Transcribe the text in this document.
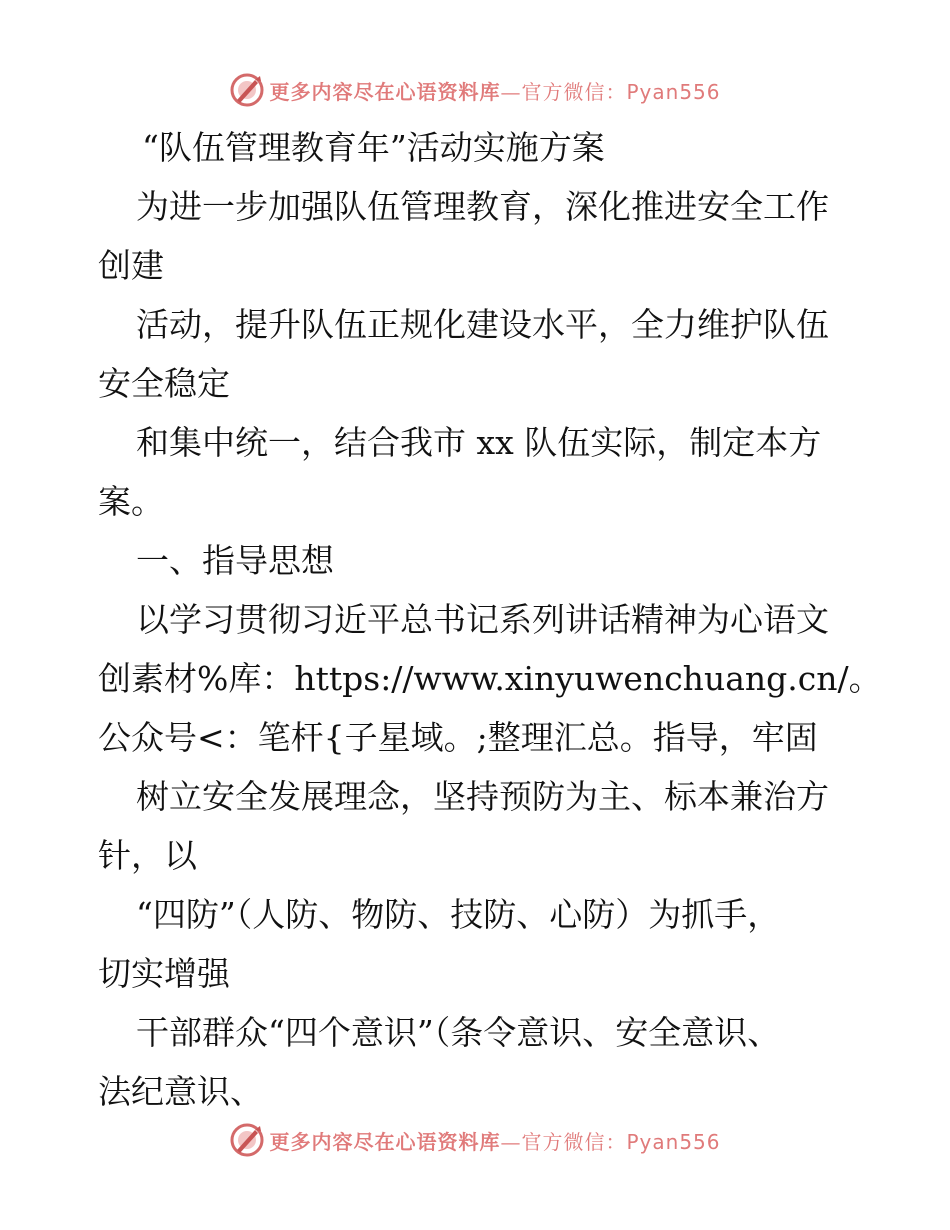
更多内容尽在心语资料库—官方微信：Pyan556

“队伍管理教育年”活动实施方案

为进一步加强队伍管理教育，深化推进安全工作

创建

活动，提升队伍正规化建设水平，全力维护队伍

安全稳定

和集中统一，结合我市 xx 队伍实际，制定本方

案。

一、指导思想

以学习贯彻习近平总书记系列讲话精神为心语文

创素材%库：https://www.xinyuwenchuang.cn/。

公众号<：笔杆{子星域。;整理汇总。指导，牢固

树立安全发展理念，坚持预防为主、标本兼治方

针，以

“四防”（人防、物防、技防、心防）为抓手，

切实增强

干部群众“四个意识”（条令意识、安全意识、

法纪意识、

更多内容尽在心语资料库—官方微信：Pyan556
